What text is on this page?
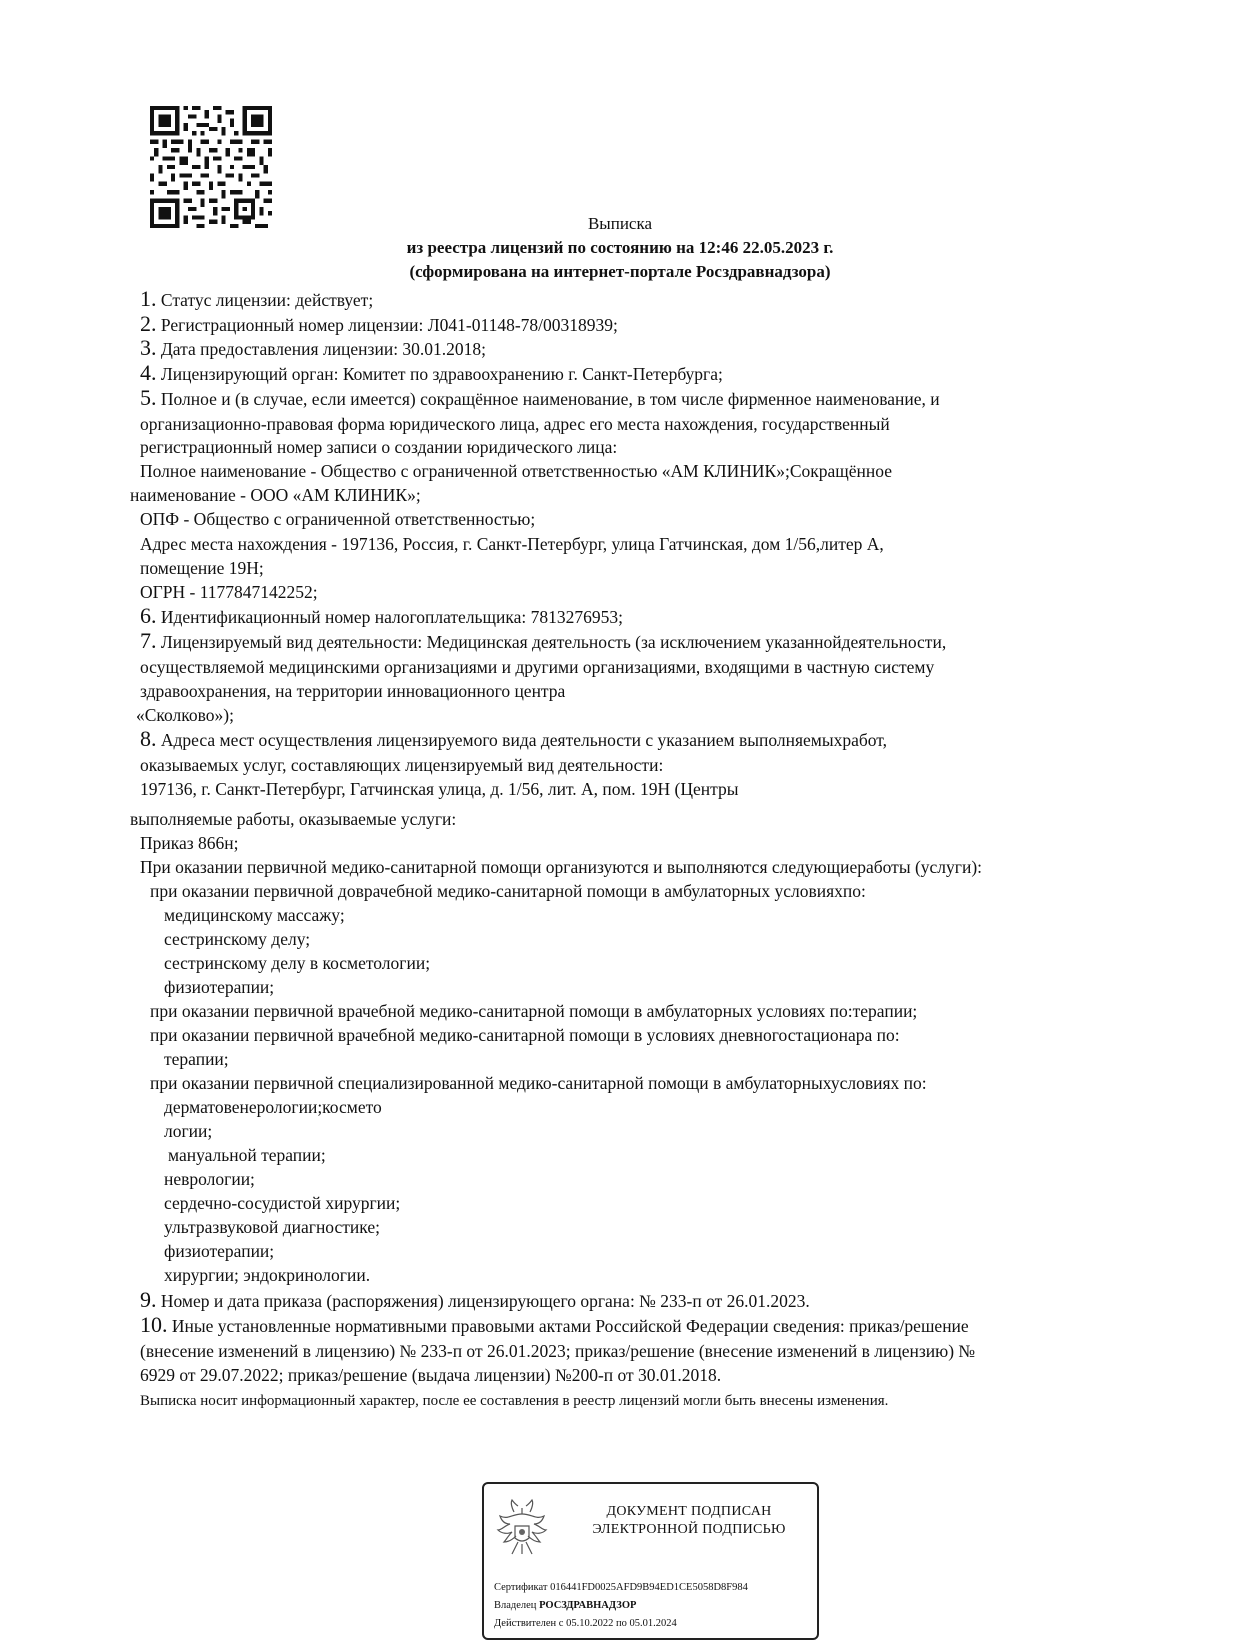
Выписка
из реестра лицензий по состоянию на 12:46 22.05.2023 г.
(сформирована на интернет-портале Росздравнадзора)
1. Статус лицензии: действует;
2. Регистрационный номер лицензии: Л041-01148-78/00318939;
3. Дата предоставления лицензии: 30.01.2018;
4. Лицензирующий орган: Комитет по здравоохранению г. Санкт-Петербурга;
5. Полное и (в случае, если имеется) сокращённое наименование, в том числе фирменное наименование, и
организационно-правовая форма юридического лица, адрес его места нахождения, государственный
регистрационный номер записи о создании юридического лица:
Полное наименование - Общество с ограниченной ответственностью «АМ КЛИНИК»;Сокращённое
наименование - ООО «АМ КЛИНИК»;
ОПФ - Общество с ограниченной ответственностью;
Адрес места нахождения - 197136, Россия, г. Санкт-Петербург, улица Гатчинская, дом 1/56,литер А,
помещение 19Н;
ОГРН - 1177847142252;
6. Идентификационный номер налогоплательщика: 7813276953;
7. Лицензируемый вид деятельности: Медицинская деятельность (за исключением указаннойдеятельности,
осуществляемой медицинскими организациями и другими организациями, входящими в частную систему
здравоохранения, на территории инновационного центра
«Сколково»);
8. Адреса мест осуществления лицензируемого вида деятельности с указанием выполняемыхработ,
оказываемых услуг, составляющих лицензируемый вид деятельности:
197136, г. Санкт-Петербург, Гатчинская улица, д. 1/56, лит. А, пом. 19Н (Центры
выполняемые работы, оказываемые услуги:
Приказ 866н;
При оказании первичной медико-санитарной помощи организуются и выполняются следующиеработы (услуги):
при оказании первичной доврачебной медико-санитарной помощи в амбулаторных условияхпо:
медицинскому массажу;
сестринскому делу;
сестринскому делу в косметологии;
физиотерапии;
при оказании первичной врачебной медико-санитарной помощи в амбулаторных условиях по:терапии;
при оказании первичной врачебной медико-санитарной помощи в условиях дневногостационара по:
терапии;
при оказании первичной специализированной медико-санитарной помощи в амбулаторныхусловиях по:
дерматовенерологии;космето
логии;
мануальной терапии;
неврологии;
сердечно-сосудистой хирургии;
ультразвуковой диагностике;
физиотерапии;
хирургии; эндокринологии.
9. Номер и дата приказа (распоряжения) лицензирующего органа: № 233-п от 26.01.2023.
10. Иные установленные нормативными правовыми актами Российской Федерации сведения: приказ/решение
(внесение изменений в лицензию) № 233-п от 26.01.2023; приказ/решение (внесение изменений в лицензию) №
6929 от 29.07.2022; приказ/решение (выдача лицензии) №200-п от 30.01.2018.
Выписка носит информационный характер, после ее составления в реестр лицензий могли быть внесены изменения.
ДОКУМЕНТ ПОДПИСАН
ЭЛЕКТРОННОЙ ПОДПИСЬЮ
Сертификат 016441FD0025AFD9B94ED1CE5058D8F984
Владелец РОСЗДРАВНАДЗОР
Действителен с 05.10.2022 по 05.01.2024
